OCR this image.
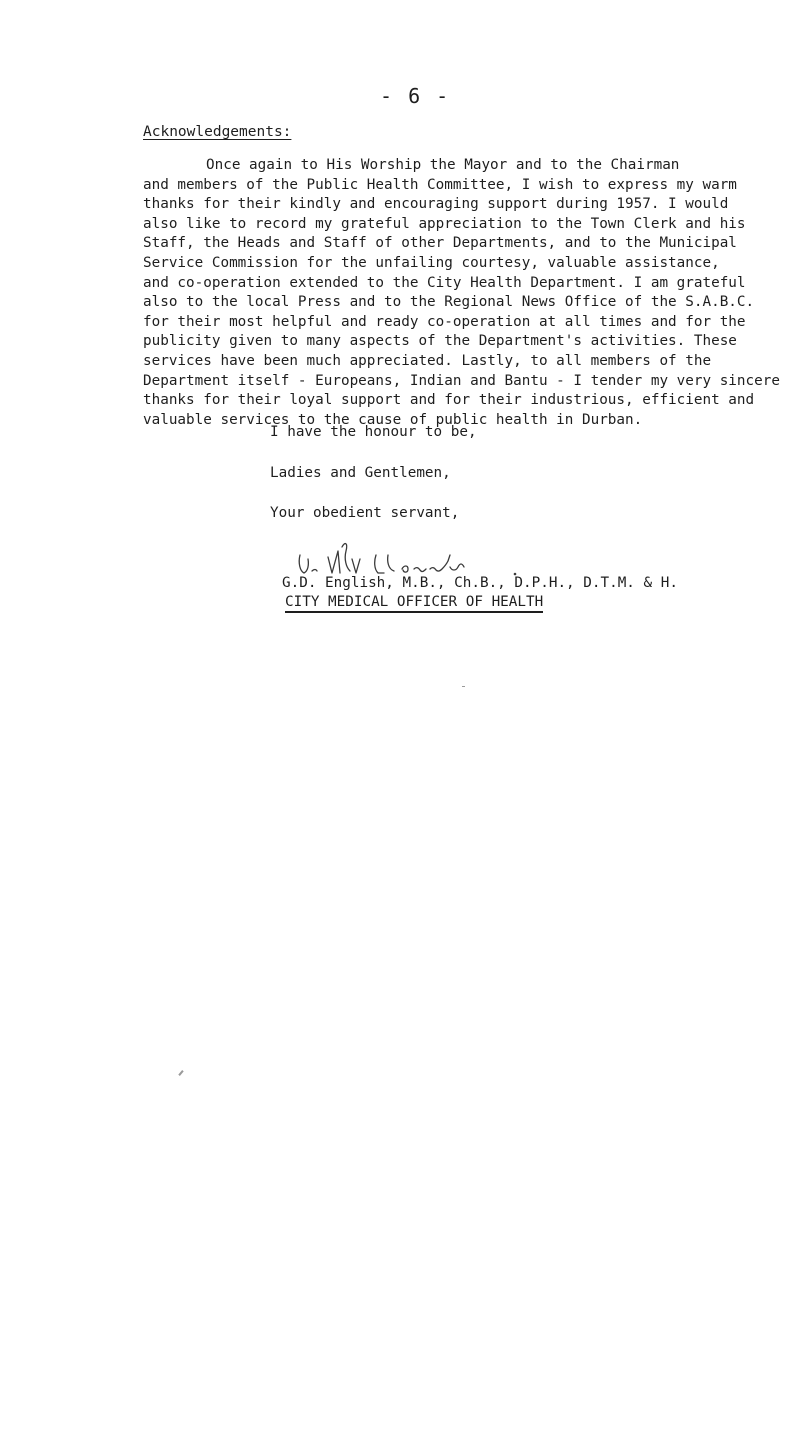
- 6 -
Acknowledgements:
Once again to His Worship the Mayor and to the Chairman
and members of the Public Health Committee, I wish to express my warm
thanks for their kindly and encouraging support during 1957. I would
also like to record my grateful appreciation to the Town Clerk and his
Staff, the Heads and Staff of other Departments, and to the Municipal
Service Commission for the unfailing courtesy, valuable assistance,
and co-operation extended to the City Health Department. I am grateful
also to the local Press and to the Regional News Office of the S.A.B.C.
for their most helpful and ready co-operation at all times and for the
publicity given to many aspects of the Department's activities. These
services have been much appreciated. Lastly, to all members of the
Department itself - Europeans, Indian and Bantu - I tender my very sincere
thanks for their loyal support and for their industrious, efficient and
valuable services to the cause of public health in Durban.
I have the honour to be,
Ladies and Gentlemen,
Your obedient servant,
G.D. English, M.B., Ch.B., D.P.H., D.T.M. & H.
CITY MEDICAL OFFICER OF HEALTH
